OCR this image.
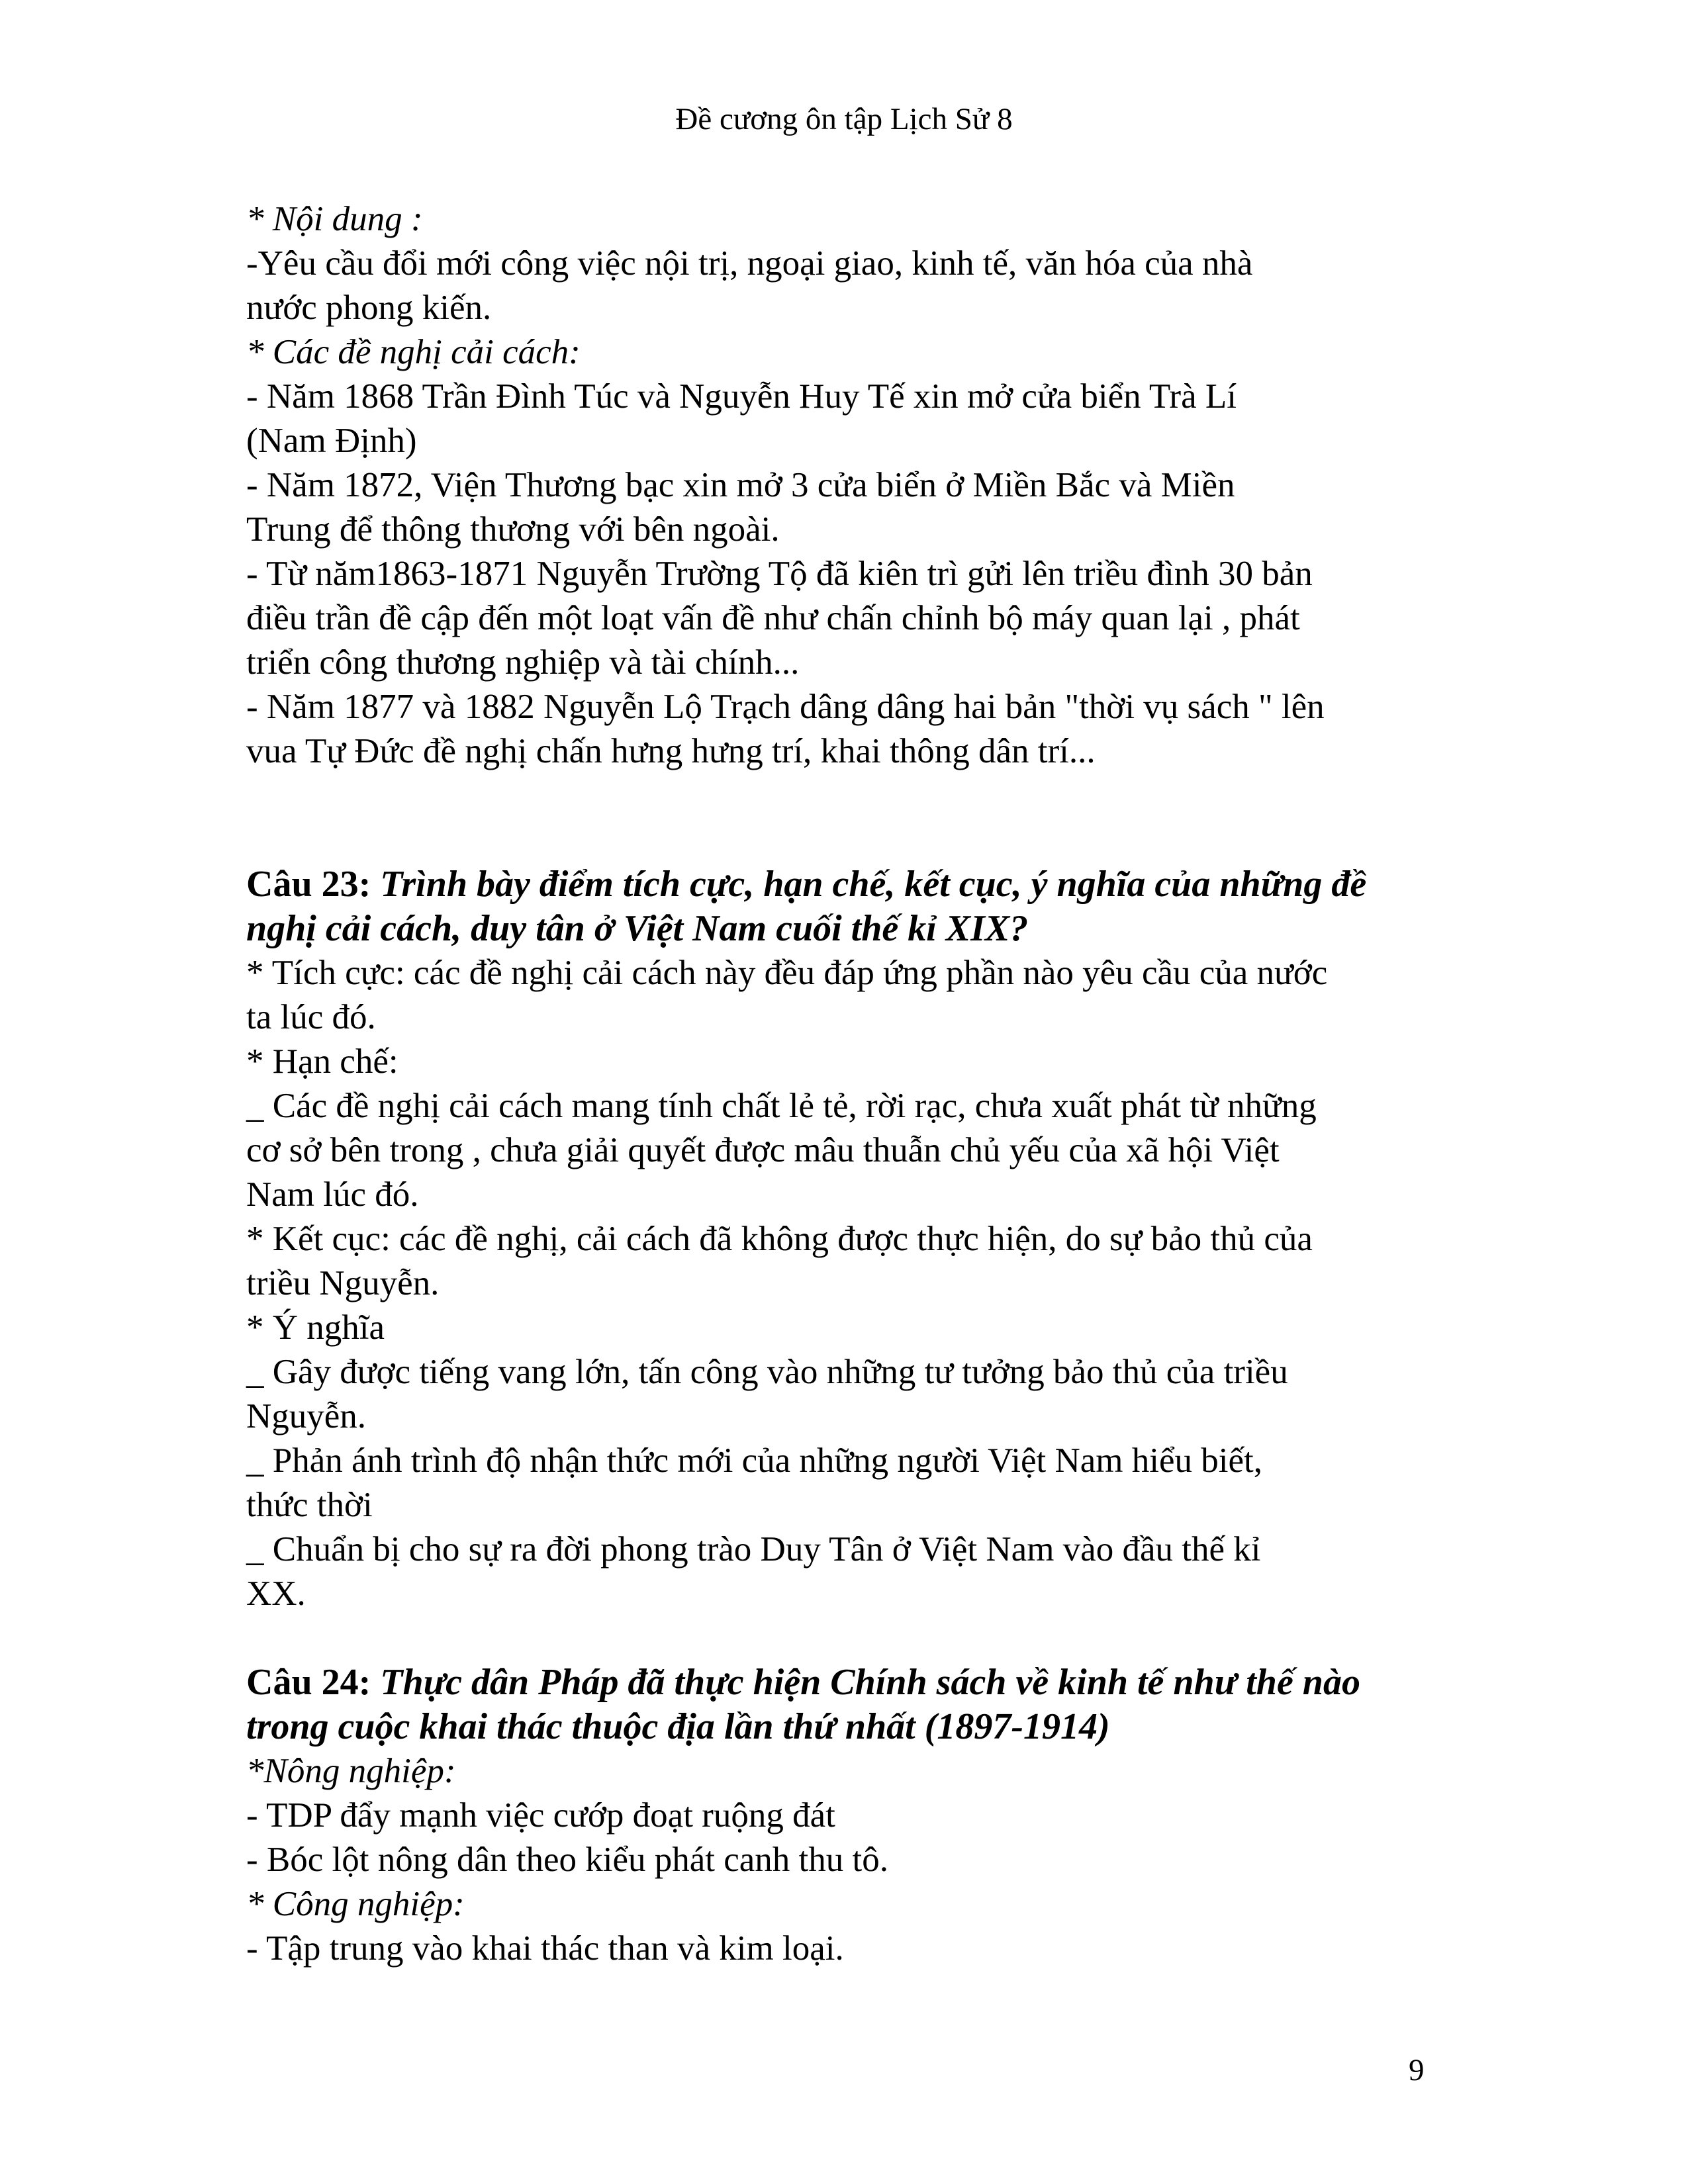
Đề cương ôn tập Lịch Sử 8
* Nội dung :
-Yêu cầu đổi mới công việc nội trị, ngoại giao, kinh tế, văn hóa của nhà
nước phong kiến.
* Các đề nghị cải cách:
- Năm 1868 Trần Đình Túc và Nguyễn Huy Tế xin mở cửa biển Trà Lí
(Nam Định)
- Năm 1872, Viện Thương bạc xin mở 3 cửa biển ở Miền Bắc và Miền
Trung để thông thương với bên ngoài.
- Từ năm1863-1871 Nguyễn Trường Tộ đã kiên trì gửi lên triều đình 30 bản
điều trần đề cập đến một loạt vấn đề như chấn chỉnh bộ máy quan lại , phát
triển công thương nghiệp và tài chính...
- Năm 1877 và 1882 Nguyễn Lộ Trạch dâng dâng hai bản "thời vụ sách " lên
vua Tự Đức đề nghị chấn hưng hưng trí, khai thông dân trí...
Câu 23: Trình bày điểm tích cực, hạn chế, kết cục, ý nghĩa của những đề
nghị cải cách, duy tân ở Việt Nam cuối thế kỉ XIX?
* Tích cực: các đề nghị cải cách này đều đáp ứng phần nào yêu cầu của nước
ta lúc đó.
* Hạn chế:
_ Các đề nghị cải cách mang tính chất lẻ tẻ, rời rạc, chưa xuất phát từ những
cơ sở bên trong , chưa giải quyết được mâu thuẫn chủ yếu của xã hội Việt
Nam lúc đó.
* Kết cục: các đề nghị, cải cách đã không được thực hiện, do sự bảo thủ của
triều Nguyễn.
* Ý nghĩa
_ Gây được tiếng vang lớn, tấn công vào những tư tưởng bảo thủ của triều
Nguyễn.
_ Phản ánh trình độ nhận thức mới của những người Việt Nam hiểu biết,
thức thời
_ Chuẩn bị cho sự ra đời phong trào Duy Tân ở Việt Nam vào đầu thế kỉ
XX.
Câu 24: Thực dân Pháp đã thực hiện Chính sách về kinh tế như thế nào
trong cuộc khai thác thuộc địa lần thứ nhất (1897-1914)
*Nông nghiệp:
- TDP đẩy mạnh việc cướp đoạt ruộng đát
- Bóc lột nông dân theo kiểu phát canh thu tô.
* Công nghiệp:
- Tập trung vào khai thác than và kim loại.
9
